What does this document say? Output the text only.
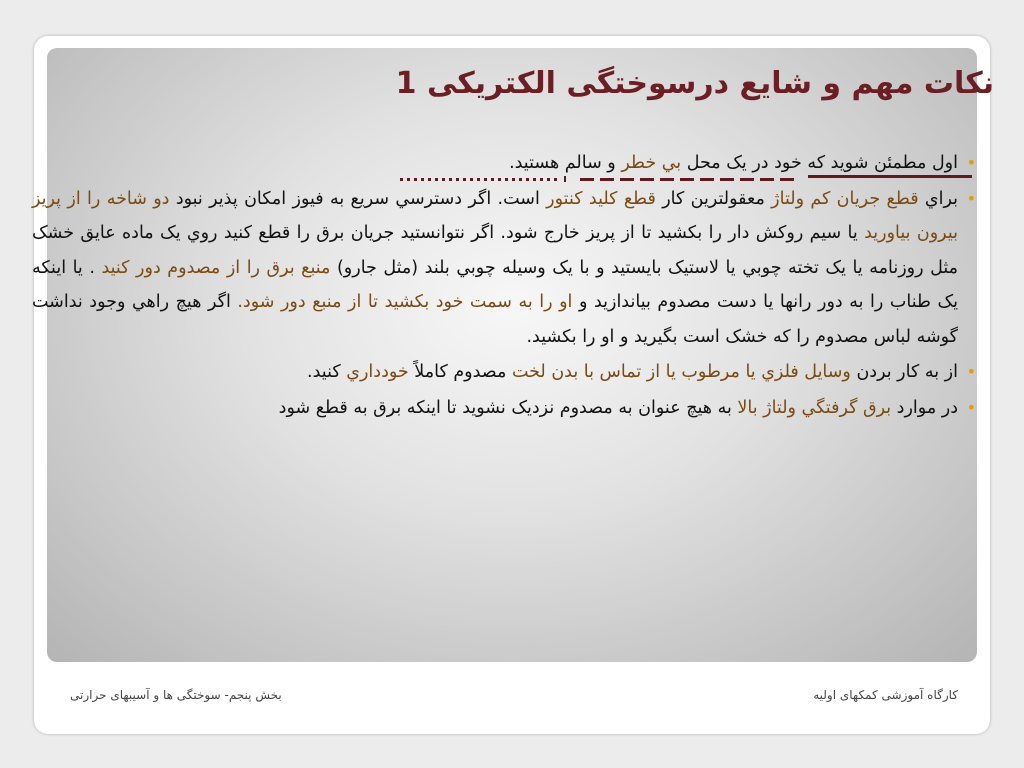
نکات مهم و شایع درسوختگی الکتریکی 1
•
اول مطمئن شويد که خود در يک محل بي خطر و سالم هستيد.
•
براي قطع جريان کم ولتاژ معقولترين کار قطع کليد کنتور است. اگر دسترسي سريع به فيوز امکان پذير نبود دو شاخه را از پريز بيرون بياوريد يا سيم روکش دار را بکشيد تا از پريز خارج شود. اگر نتوانستيد جريان برق را قطع کنيد روي يک ماده عايق خشک مثل روزنامه يا يک تخته چوبي يا لاستيک بايستيد و با يک وسيله چوبي بلند (مثل جارو) منبع برق را از مصدوم دور کنيد . يا اينکه يک طناب را به دور رانها يا دست مصدوم بياندازيد و او را به سمت خود بکشيد تا از منبع دور شود. اگر هيچ راهي وجود نداشت گوشه لباس مصدوم را که خشک است بگيريد و او را بکشيد.
•
از به کار بردن وسايل فلزي يا مرطوب يا از تماس با بدن لخت مصدوم کاملاً خودداري کنيد.
•
در موارد برق گرفتگي ولتاژ بالا به هيچ عنوان به مصدوم نزديک نشويد تا اينکه برق به قطع شود
بخش پنجم- سوختگی ها و آسیبهای حرارتی	کارگاه آموزشی کمکهای اولیه
